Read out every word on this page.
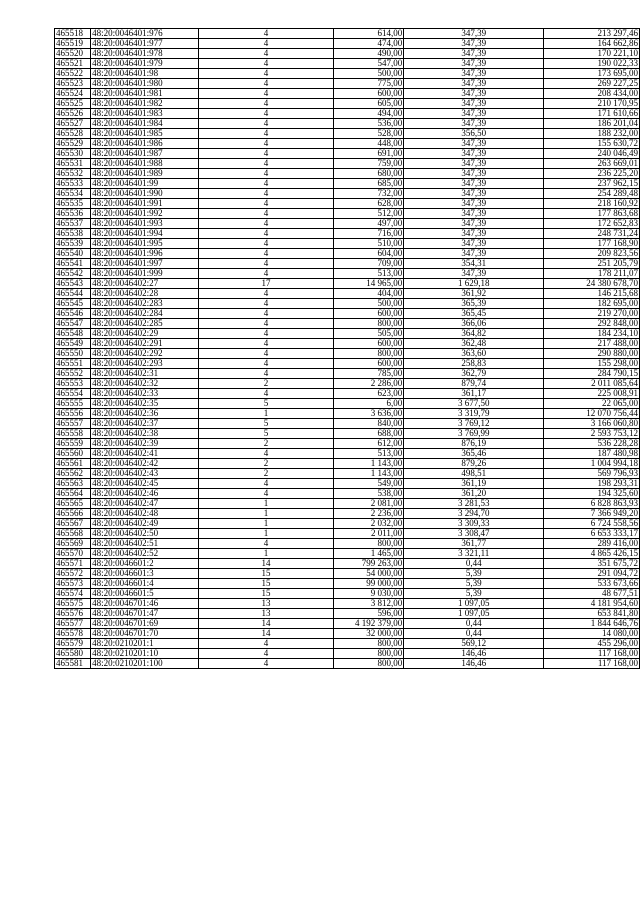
465518	48:20:0046401:976	4	614,00	347,39	213 297,46
465519	48:20:0046401:977	4	474,00	347,39	164 662,86
465520	48:20:0046401:978	4	490,00	347,39	170 221,10
465521	48:20:0046401:979	4	547,00	347,39	190 022,33
465522	48:20:0046401:98	4	500,00	347,39	173 695,00
465523	48:20:0046401:980	4	775,00	347,39	269 227,25
465524	48:20:0046401:981	4	600,00	347,39	208 434,00
465525	48:20:0046401:982	4	605,00	347,39	210 170,95
465526	48:20:0046401:983	4	494,00	347,39	171 610,66
465527	48:20:0046401:984	4	536,00	347,39	186 201,04
465528	48:20:0046401:985	4	528,00	356,50	188 232,00
465529	48:20:0046401:986	4	448,00	347,39	155 630,72
465530	48:20:0046401:987	4	691,00	347,39	240 046,49
465531	48:20:0046401:988	4	759,00	347,39	263 669,01
465532	48:20:0046401:989	4	680,00	347,39	236 225,20
465533	48:20:0046401:99	4	685,00	347,39	237 962,15
465534	48:20:0046401:990	4	732,00	347,39	254 289,48
465535	48:20:0046401:991	4	628,00	347,39	218 160,92
465536	48:20:0046401:992	4	512,00	347,39	177 863,68
465537	48:20:0046401:993	4	497,00	347,39	172 652,83
465538	48:20:0046401:994	4	716,00	347,39	248 731,24
465539	48:20:0046401:995	4	510,00	347,39	177 168,90
465540	48:20:0046401:996	4	604,00	347,39	209 823,56
465541	48:20:0046401:997	4	709,00	354,31	251 205,79
465542	48:20:0046401:999	4	513,00	347,39	178 211,07
465543	48:20:0046402:27	17	14 965,00	1 629,18	24 380 678,70
465544	48:20:0046402:28	4	404,00	361,92	146 215,68
465545	48:20:0046402:283	4	500,00	365,39	182 695,00
465546	48:20:0046402:284	4	600,00	365,45	219 270,00
465547	48:20:0046402:285	4	800,00	366,06	292 848,00
465548	48:20:0046402:29	4	505,00	364,82	184 234,10
465549	48:20:0046402:291	4	600,00	362,48	217 488,00
465550	48:20:0046402:292	4	800,00	363,60	290 880,00
465551	48:20:0046402:293	4	600,00	258,83	155 298,00
465552	48:20:0046402:31	4	785,00	362,79	284 790,15
465553	48:20:0046402:32	2	2 286,00	879,74	2 011 085,64
465554	48:20:0046402:33	4	623,00	361,17	225 008,91
465555	48:20:0046402:35	5	6,00	3 677,50	22 065,00
465556	48:20:0046402:36	1	3 636,00	3 319,79	12 070 756,44
465557	48:20:0046402:37	5	840,00	3 769,12	3 166 060,80
465558	48:20:0046402:38	5	688,00	3 769,99	2 593 753,12
465559	48:20:0046402:39	2	612,00	876,19	536 228,28
465560	48:20:0046402:41	4	513,00	365,46	187 480,98
465561	48:20:0046402:42	2	1 143,00	879,26	1 004 994,18
465562	48:20:0046402:43	2	1 143,00	498,51	569 796,93
465563	48:20:0046402:45	4	549,00	361,19	198 293,31
465564	48:20:0046402:46	4	538,00	361,20	194 325,60
465565	48:20:0046402:47	1	2 081,00	3 281,53	6 828 863,93
465566	48:20:0046402:48	1	2 236,00	3 294,70	7 366 949,20
465567	48:20:0046402:49	1	2 032,00	3 309,33	6 724 558,56
465568	48:20:0046402:50	1	2 011,00	3 308,47	6 653 333,17
465569	48:20:0046402:51	4	800,00	361,77	289 416,00
465570	48:20:0046402:52	1	1 465,00	3 321,11	4 865 426,15
465571	48:20:0046601:2	14	799 263,00	0,44	351 675,72
465572	48:20:0046601:3	15	54 000,00	5,39	291 094,72
465573	48:20:0046601:4	15	99 000,00	5,39	533 673,66
465574	48:20:0046601:5	15	9 030,00	5,39	48 677,51
465575	48:20:0046701:46	13	3 812,00	1 097,05	4 181 954,60
465576	48:20:0046701:47	13	596,00	1 097,05	653 841,80
465577	48:20:0046701:69	14	4 192 379,00	0,44	1 844 646,76
465578	48:20:0046701:70	14	32 000,00	0,44	14 080,00
465579	48:20:0210201:1	4	800,00	569,12	455 296,00
465580	48:20:0210201:10	4	800,00	146,46	117 168,00
465581	48:20:0210201:100	4	800,00	146,46	117 168,00
